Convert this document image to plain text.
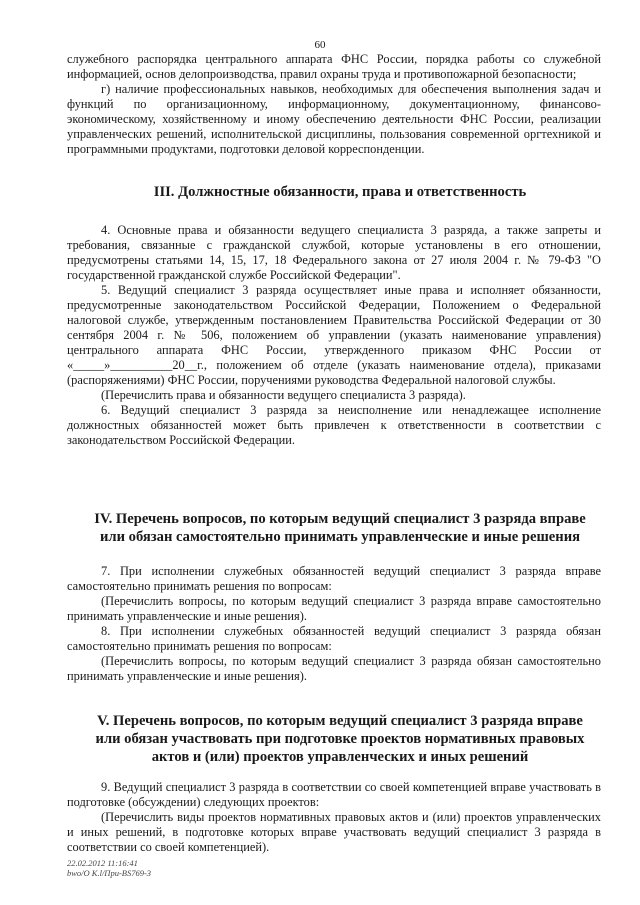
60

служебного распорядка центрального аппарата ФНС России, порядка работы со служебной информацией, основ делопроизводства, правил охраны труда и противопожарной безопасности;

г) наличие профессиональных навыков, необходимых для обеспечения выполнения задач и функций по организационному, информационному, документационному, финансово-экономическому, хозяйственному и иному обеспечению деятельности ФНС России, реализации управленческих решений, исполнительской дисциплины, пользования современной оргтехникой и программными продуктами, подготовки деловой корреспонденции.

III. Должностные обязанности, права и ответственность

4. Основные права и обязанности ведущего специалиста 3 разряда, а также запреты и требования, связанные с гражданской службой, которые установлены в его отношении, предусмотрены статьями 14, 15, 17, 18 Федерального закона от 27 июля 2004 г. № 79-ФЗ "О государственной гражданской службе Российской Федерации".

5. Ведущий специалист 3 разряда осуществляет иные права и исполняет обязанности, предусмотренные законодательством Российской Федерации, Положением о Федеральной налоговой службе, утвержденным постановлением Правительства Российской Федерации от 30 сентября 2004 г. № 506, положением об управлении (указать наименование управления) центрального аппарата ФНС России, утвержденного приказом ФНС России от «_____»__________20__г., положением об отделе (указать наименование отдела), приказами (распоряжениями) ФНС России, поручениями руководства Федеральной налоговой службы.

(Перечислить права и обязанности ведущего специалиста 3 разряда).

6. Ведущий специалист 3 разряда за неисполнение или ненадлежащее исполнение должностных обязанностей может быть привлечен к ответственности в соответствии с законодательством Российской Федерации.

IV. Перечень вопросов, по которым ведущий специалист 3 разряда вправе
или обязан самостоятельно принимать управленческие и иные решения

7. При исполнении служебных обязанностей ведущий специалист 3 разряда вправе самостоятельно принимать решения по вопросам:

(Перечислить вопросы, по которым ведущий специалист 3 разряда вправе самостоятельно принимать управленческие и иные решения).

8. При исполнении служебных обязанностей ведущий специалист 3 разряда обязан самостоятельно принимать решения по вопросам:

(Перечислить вопросы, по которым ведущий специалист 3 разряда обязан самостоятельно принимать управленческие и иные решения).

V. Перечень вопросов, по которым ведущий специалист 3 разряда вправе
или обязан участвовать при подготовке проектов нормативных правовых
актов и (или) проектов управленческих и иных решений

9. Ведущий специалист 3 разряда в соответствии со своей компетенцией вправе участвовать в подготовке (обсуждении) следующих проектов:

(Перечислить виды проектов нормативных правовых актов и (или) проектов управленческих и иных решений, в подготовке которых вправе участвовать ведущий специалист 3 разряда в соответствии со своей компетенцией).

22.02.2012 11:16:41
bwo/O K.l/При-BS769-3
